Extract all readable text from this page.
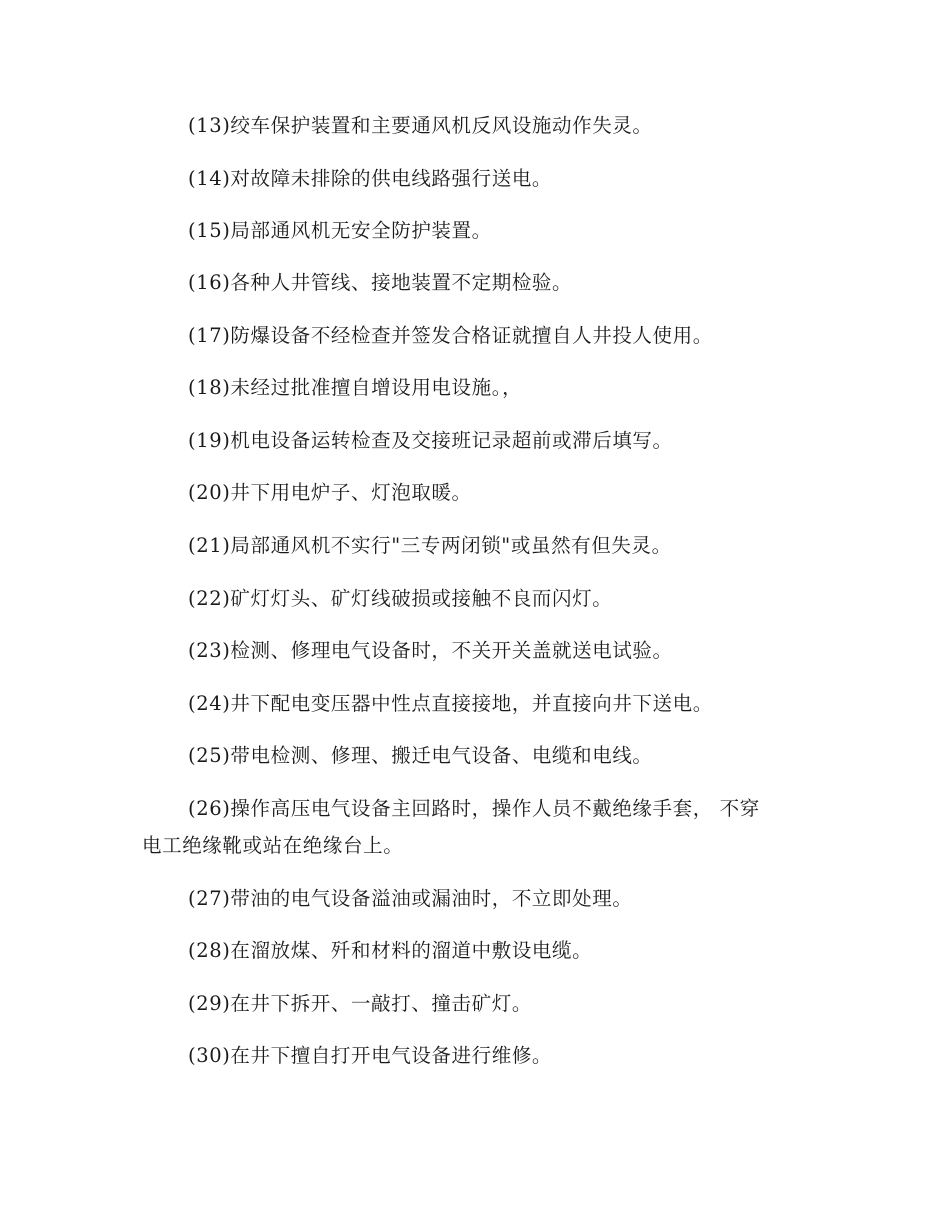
(13)绞车保护装置和主要通风机反风设施动作失灵。
(14)对故障未排除的供电线路强行送电。
(15)局部通风机无安全防护装置。
(16)各种人井管线、接地装置不定期检验。
(17)防爆设备不经检查并签发合格证就擅自人井投人使用。
(18)未经过批准擅自增设用电设施。，
(19)机电设备运转检查及交接班记录超前或滞后填写。
(20)井下用电炉子、灯泡取暖。
(21)局部通风机不实行"三专两闭锁"或虽然有但失灵。
(22)矿灯灯头、矿灯线破损或接触不良而闪灯。
(23)检测、修理电气设备时，不关开关盖就送电试验。
(24)井下配电变压器中性点直接接地，并直接向井下送电。
(25)带电检测、修理、搬迁电气设备、电缆和电线。
(26)操作高压电气设备主回路时，操作人员不戴绝缘手套， 不穿
电工绝缘靴或站在绝缘台上。
(27)带油的电气设备溢油或漏油时，不立即处理。
(28)在溜放煤、歼和材料的溜道中敷设电缆。
(29)在井下拆开、一敲打、撞击矿灯。
(30)在井下擅自打开电气设备进行维修。
